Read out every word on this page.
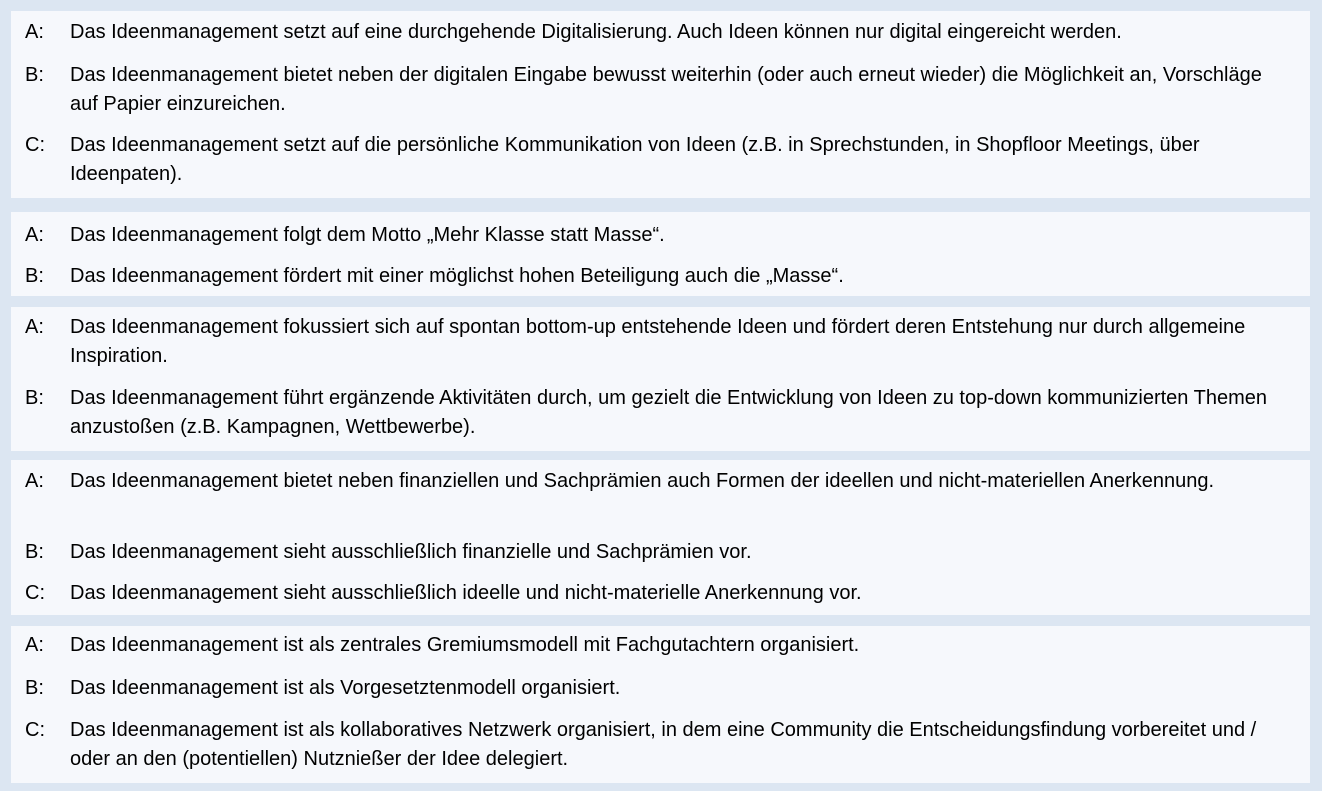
A:	Das Ideenmanagement setzt auf eine durchgehende Digitalisierung. Auch Ideen können nur digital eingereicht werden.
B:	Das Ideenmanagement bietet neben der digitalen Eingabe bewusst weiterhin (oder auch erneut wieder) die Möglichkeit an, Vorschläge auf Papier einzureichen.
C:	Das Ideenmanagement setzt auf die persönliche Kommunikation von Ideen (z.B. in Sprechstunden, in Shopfloor Meetings, über Ideenpaten).
A:	Das Ideenmanagement folgt dem Motto „Mehr Klasse statt Masse“.
B:	Das Ideenmanagement fördert mit einer möglichst hohen Beteiligung auch die „Masse“.
A:	Das Ideenmanagement fokussiert sich auf spontan bottom-up entstehende Ideen und fördert deren Entstehung nur durch allgemeine Inspiration.
B:	Das Ideenmanagement führt ergänzende Aktivitäten durch, um gezielt die Entwicklung von Ideen zu top-down kommunizierten Themen anzustoßen (z.B. Kampagnen, Wettbewerbe).
A:	Das Ideenmanagement bietet neben finanziellen und Sachprämien auch Formen der ideellen und nicht-materiellen Anerkennung.
B:	Das Ideenmanagement sieht ausschließlich finanzielle und Sachprämien vor.
C:	Das Ideenmanagement sieht ausschließlich ideelle und nicht-materielle Anerkennung vor.
A:	Das Ideenmanagement ist als zentrales Gremiumsmodell mit Fachgutachtern organisiert.
B:	Das Ideenmanagement ist als Vorgesetztenmodell organisiert.
C:	Das Ideenmanagement ist als kollaboratives Netzwerk organisiert, in dem eine Community die Entscheidungsfindung vorbereitet und / oder an den (potentiellen) Nutznießer der Idee delegiert.
